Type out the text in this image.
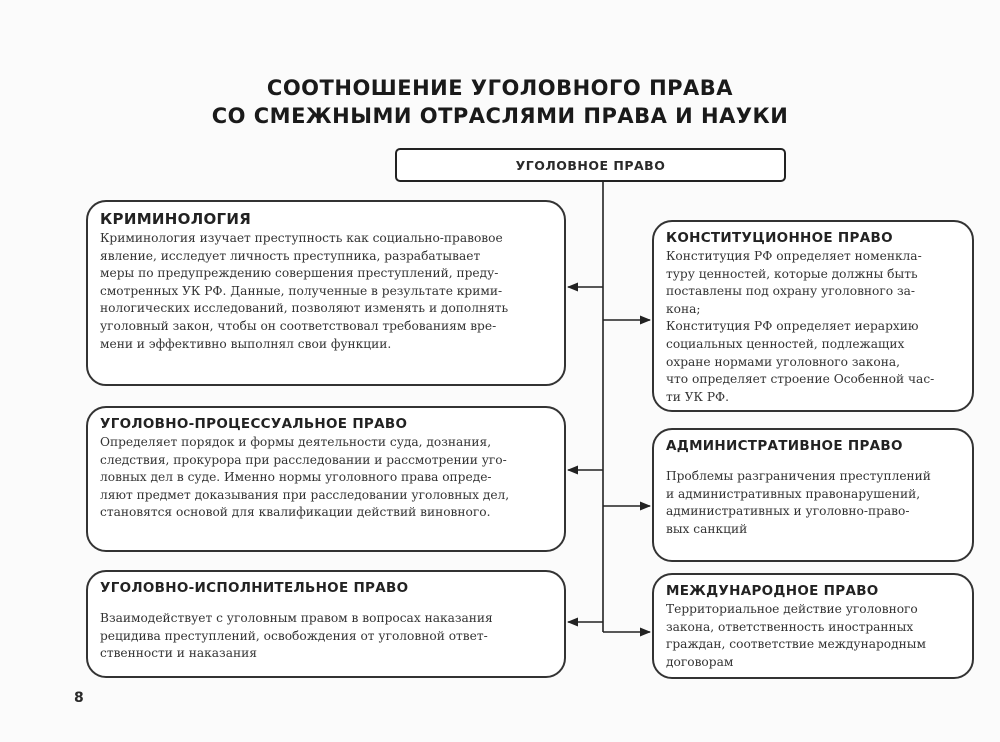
СООТНОШЕНИЕ УГОЛОВНОГО ПРАВА
СО СМЕЖНЫМИ ОТРАСЛЯМИ ПРАВА И НАУКИ
УГОЛОВНОЕ ПРАВО
КРИМИНОЛОГИЯ
Криминология изучает преступность как социально-правовое
явление, исследует личность преступника, разрабатывает
меры по предупреждению совершения преступлений, преду-
смотренных УК РФ. Данные, полученные в результате крими-
нологических исследований, позволяют изменять и дополнять
уголовный закон, чтобы он соответствовал требованиям вре-
мени и эффективно выполнял свои функции.
УГОЛОВНО-ПРОЦЕССУАЛЬНОЕ ПРАВО
Определяет порядок и формы деятельности суда, дознания,
следствия, прокурора при расследовании и рассмотрении уго-
ловных дел в суде. Именно нормы уголовного права опреде-
ляют предмет доказывания при расследовании уголовных дел,
становятся основой для квалификации действий виновного.
УГОЛОВНО-ИСПОЛНИТЕЛЬНОЕ ПРАВО
Взаимодействует с уголовным правом в вопросах наказания
рецидива преступлений, освобождения от уголовной ответ-
ственности и наказания
КОНСТИТУЦИОННОЕ ПРАВО
Конституция РФ определяет номенкла-
туру ценностей, которые должны быть
поставлены под охрану уголовного за-
кона;
Конституция РФ определяет иерархию
социальных ценностей, подлежащих
охране нормами уголовного закона,
что определяет строение Особенной час-
ти УК РФ.
АДМИНИСТРАТИВНОЕ ПРАВО
Проблемы разграничения преступлений
и административных правонарушений,
административных и уголовно-право-
вых санкций
МЕЖДУНАРОДНОЕ ПРАВО
Территориальное действие уголовного
закона, ответственность иностранных
граждан, соответствие международным
договорам
8
